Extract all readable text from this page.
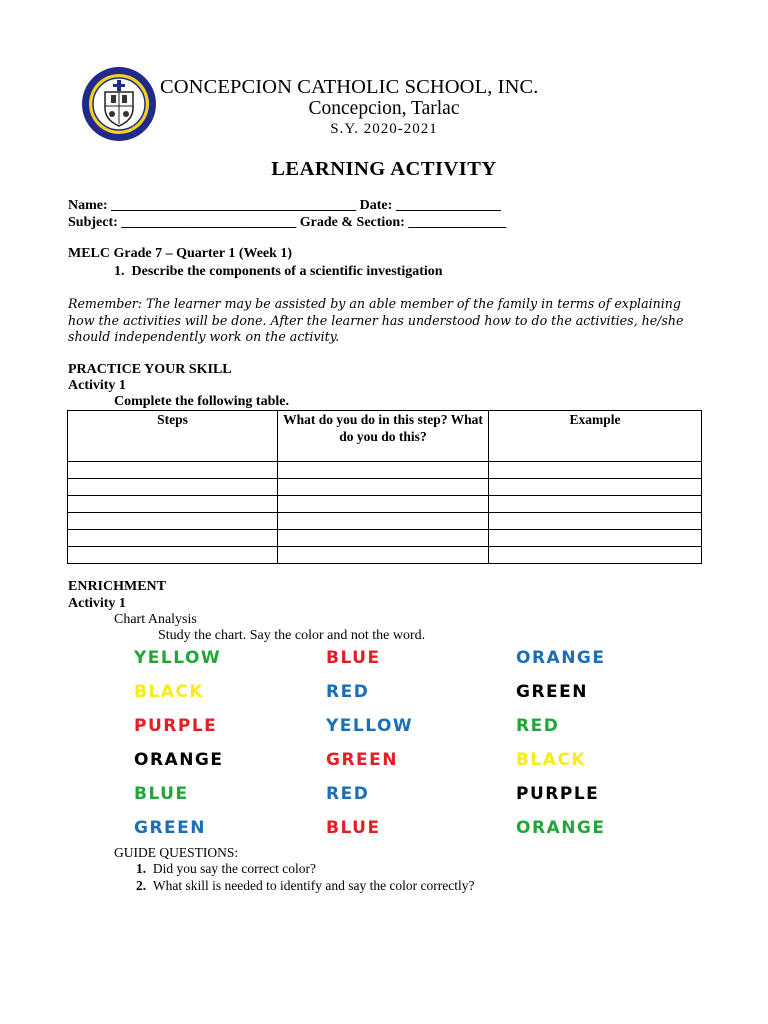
CONCEPCION CATHOLIC SCHOOL, INC.
Concepcion, Tarlac
S.Y. 2020-2021
LEARNING ACTIVITY
Name: ___________________________________ Date: _______________
Subject: _________________________ Grade & Section: ______________
MELC Grade 7 – Quarter 1 (Week 1)
1. Describe the components of a scientific investigation
Remember: The learner may be assisted by an able member of the family in terms of explaining how the activities will be done. After the learner has understood how to do the activities, he/she should independently work on the activity.
PRACTICE YOUR SKILL
Activity 1
Complete the following table.
Steps	What do you do in this step? What do you do this?	Example

ENRICHMENT
Activity 1
Chart Analysis
Study the chart. Say the color and not the word.
YELLOW	BLUE	ORANGE
BLACK	RED	GREEN
PURPLE	YELLOW	RED
ORANGE	GREEN	BLACK
BLUE	RED	PURPLE
GREEN	BLUE	ORANGE
GUIDE QUESTIONS:
1. Did you say the correct color?
2. What skill is needed to identify and say the color correctly?
